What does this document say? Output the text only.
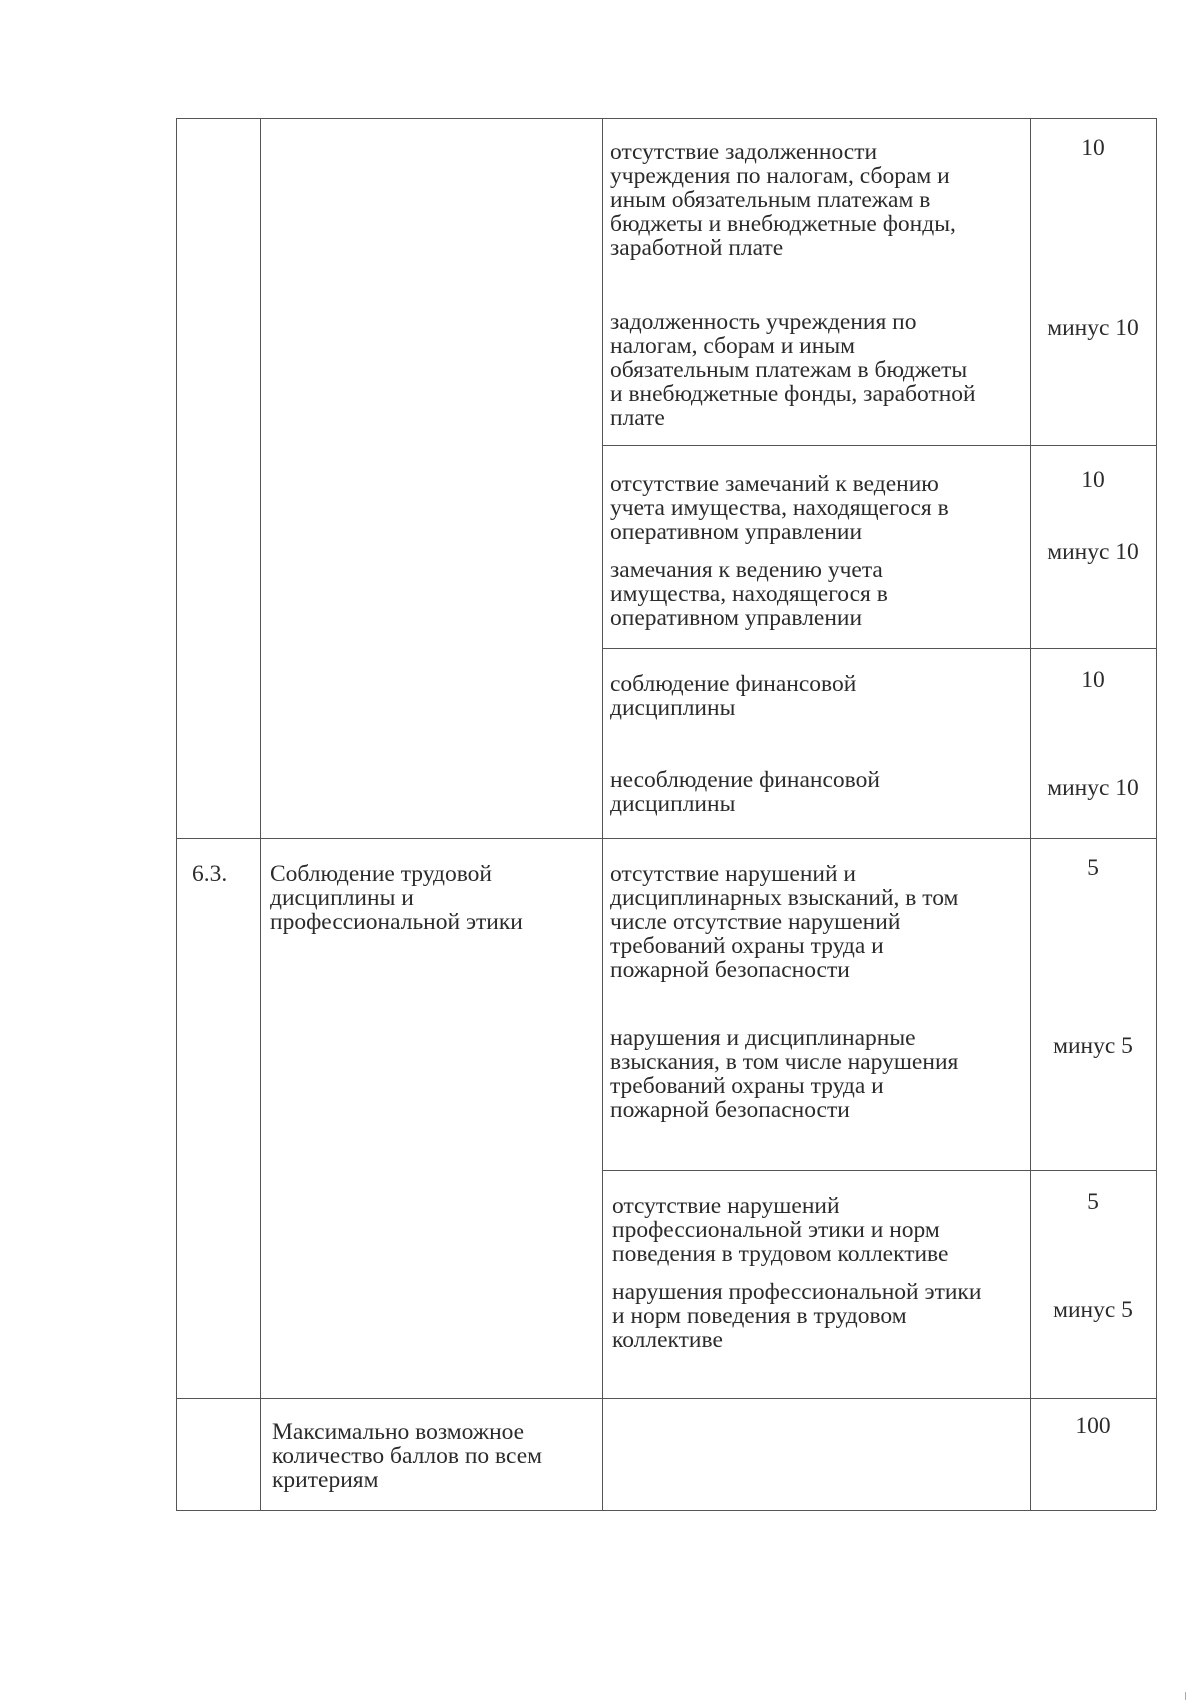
отсутствие задолженности
учреждения по налогам, сборам и
иным обязательным платежам в
бюджеты и внебюджетные фонды,
заработной плате
10
задолженность учреждения по
налогам, сборам и иным
обязательным платежам в бюджеты
и внебюджетные фонды, заработной
плате
минус 10
отсутствие замечаний к ведению
учета имущества, находящегося в
оперативном управлении
10
замечания к ведению учета
имущества, находящегося в
оперативном управлении
минус 10
соблюдение финансовой
дисциплины
10
несоблюдение финансовой
дисциплины
минус 10
6.3.	Соблюдение трудовой
дисциплины и
профессиональной этики
отсутствие нарушений и
дисциплинарных взысканий, в том
числе отсутствие нарушений
требований охраны труда и
пожарной безопасности
5
нарушения и дисциплинарные
взыскания, в том числе нарушения
требований охраны труда и
пожарной безопасности
минус 5
отсутствие нарушений
профессиональной этики и норм
поведения в трудовом коллективе
5
нарушения профессиональной этики
и норм поведения в трудовом
коллективе
минус 5
Максимально возможное
количество баллов по всем
критериям
100
